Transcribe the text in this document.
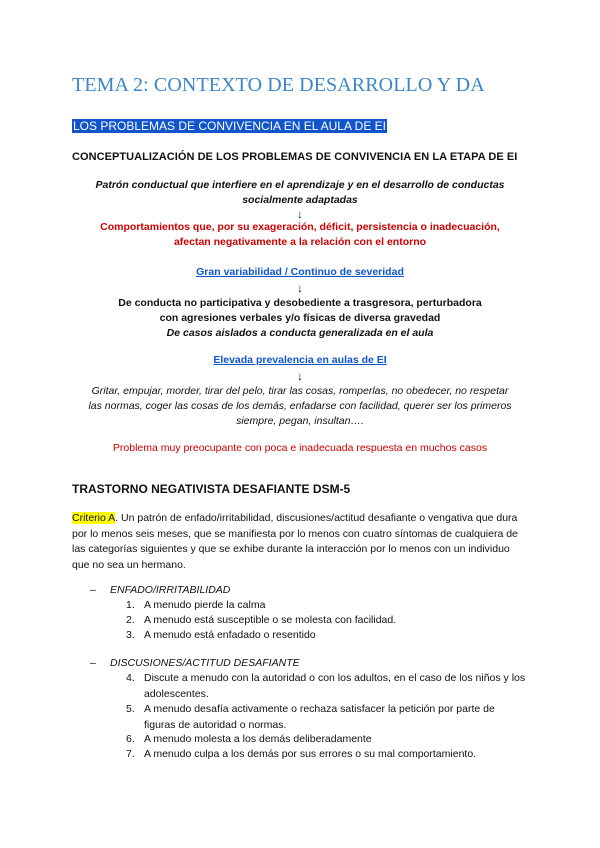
TEMA 2: CONTEXTO DE DESARROLLO Y DA
LOS PROBLEMAS DE CONVIVENCIA EN EL AULA DE EI
CONCEPTUALIZACIÓN DE LOS PROBLEMAS DE CONVIVENCIA EN LA ETAPA DE EI
Patrón conductual que interfiere en el aprendizaje y en el desarrollo de conductas
socialmente adaptadas
↓
Comportamientos que, por su exageración, déficit, persistencia o inadecuación,
afectan negativamente a la relación con el entorno
Gran variabilidad / Continuo de severidad
↓
De conducta no participativa y desobediente a trasgresora, perturbadora
con agresiones verbales y/o físicas de diversa gravedad
De casos aislados a conducta generalizada en el aula
Elevada prevalencia en aulas de EI
↓
Gritar, empujar, morder, tirar del pelo, tirar las cosas, romperlas, no obedecer, no respetar
las normas, coger las cosas de los demás, enfadarse con facilidad, querer ser los primeros
siempre, pegan, insultan….
Problema muy preocupante con poca e inadecuada respuesta en muchos casos
TRASTORNO NEGATIVISTA DESAFIANTE DSM-5
Criterio A. Un patrón de enfado/irritabilidad, discusiones/actitud desafiante o vengativa que dura por lo menos seis meses, que se manifiesta por lo menos con cuatro síntomas de cualquiera de las categorías siguientes y que se exhibe durante la interacción por lo menos con un individuo que no sea un hermano.
– ENFADO/IRRITABILIDAD
1. A menudo pierde la calma
2. A menudo está susceptible o se molesta con facilidad.
3. A menudo está enfadado o resentido
– DISCUSIONES/ACTITUD DESAFIANTE
4. Discute a menudo con la autoridad o con los adultos, en el caso de los niños y los adolescentes.
5. A menudo desafía activamente o rechaza satisfacer la petición por parte de figuras de autoridad o normas.
6. A menudo molesta a los demás deliberadamente
7. A menudo culpa a los demás por sus errores o su mal comportamiento.
